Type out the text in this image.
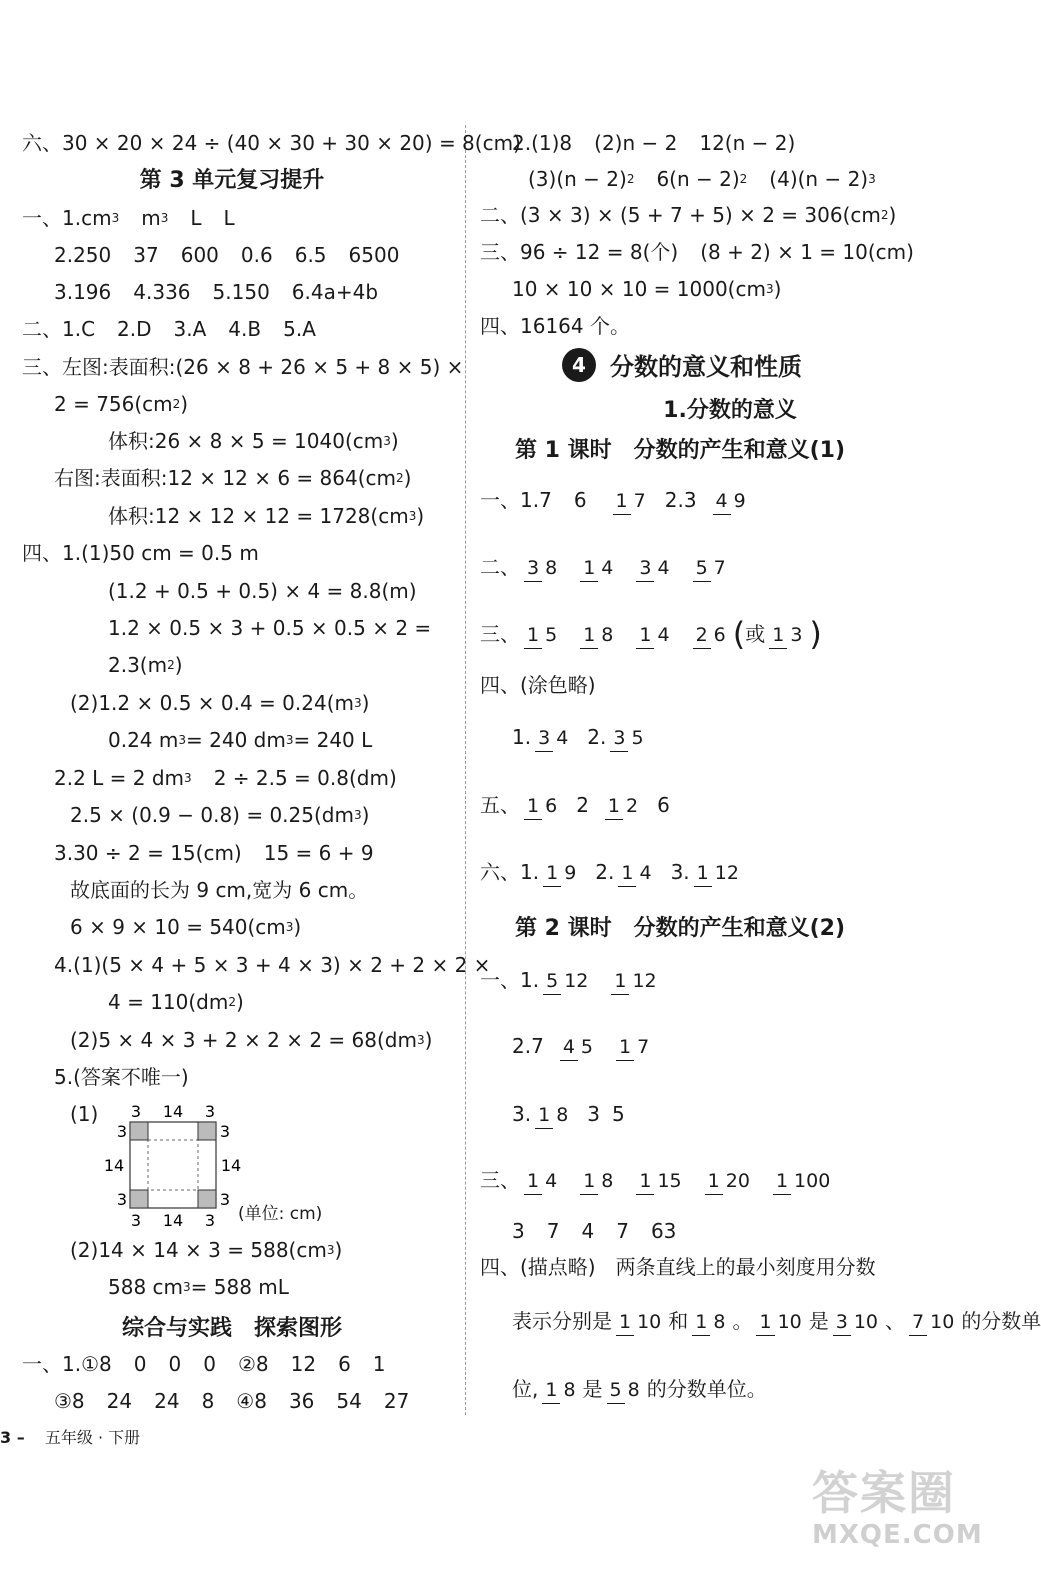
六、30 × 20 × 24 ÷ (40 × 30 + 30 × 20) = 8(cm)
第 3 单元复习提升
一、1.cm 3 m 3 L L
2.250 37 600 0.6 6.5 6500
3.196 4.336 5.150 6.4a+4b
二、1.C 2.D 3.A 4.B 5.A
三、左图:表面积:(26 × 8 + 26 × 5 + 8 × 5) ×
2 = 756(cm 2 )
体积:26 × 8 × 5 = 1040(cm 3 )
右图:表面积:12 × 12 × 6 = 864(cm 2 )
体积:12 × 12 × 12 = 1728(cm 3 )
四、1.(1)50 cm = 0.5 m
(1.2 + 0.5 + 0.5) × 4 = 8.8(m)
1.2 × 0.5 × 3 + 0.5 × 0.5 × 2 =
2.3(m 2 )
(2)1.2 × 0.5 × 0.4 = 0.24(m 3 )
0.24 m 3 = 240 dm 3 = 240 L
2.2 L = 2 dm 3 2 ÷ 2.5 = 0.8(dm)
2.5 × (0.9 − 0.8) = 0.25(dm 3 )
3.30 ÷ 2 = 15(cm) 15 = 6 + 9
故底面的长为 9 cm,宽为 6 cm。
6 × 9 × 10 = 540(cm 3 )
4.(1)(5 × 4 + 5 × 3 + 4 × 3) × 2 + 2 × 2 ×
4 = 110(dm 2 )
(2)5 × 4 × 3 + 2 × 2 × 2 = 68(dm 3 )
5.(答案不唯一)
(1) 3 14 3
3 14 3
3
14
3
3
14
3
(单位: cm)
(2)14 × 14 × 3 = 588(cm 3 )
588 cm 3 = 588 mL
综合与实践　探索图形
一、1.①8 0 0 0 ②8 12 6 1
③8 24 24 8 ④8 36 54 27
2.(1)8 (2)n − 2 12(n − 2)
(3)(n − 2) 2 6(n − 2) 2 (4)(n − 2) 3
二、(3 × 3) × (5 + 7 + 5) × 2 = 306(cm 2 )
三、96 ÷ 12 = 8(个) (8 + 2) × 1 = 10(cm)
10 × 10 × 10 = 1000(cm 3 )
四、16164 个。
4	分数的意义和性质
1.分数的意义
第 1 课时　分数的产生和意义(1)
一、1.7 6 1 7 2.3 4 9
二、 3 8 1 4 3 4 5 7
三、 1 5 1 8 1 4 2 6 ( 或 1 3 )
四、(涂色略)
1. 3 4 2. 3 5
五、 1 6 2 1 2 6
六、1. 1 9 2. 1 4 3. 1 12
第 2 课时　分数的产生和意义(2)
一、1. 5 12 1 12
2.7 4 5 1 7
3. 1 8 3 5
三、 1 4 1 8 1 15 1 20 1 100
3 7 4 7 63
四、(描点略)　两条直线上的最小刻度用分数
表示分别是 1 10 和 1 8 。 1 10 是 3 10 、 7 10 的分数单
位, 1 8 是 5 8 的分数单位。
3 – 五年级 · 下册
答案圈
MXQE.COM
